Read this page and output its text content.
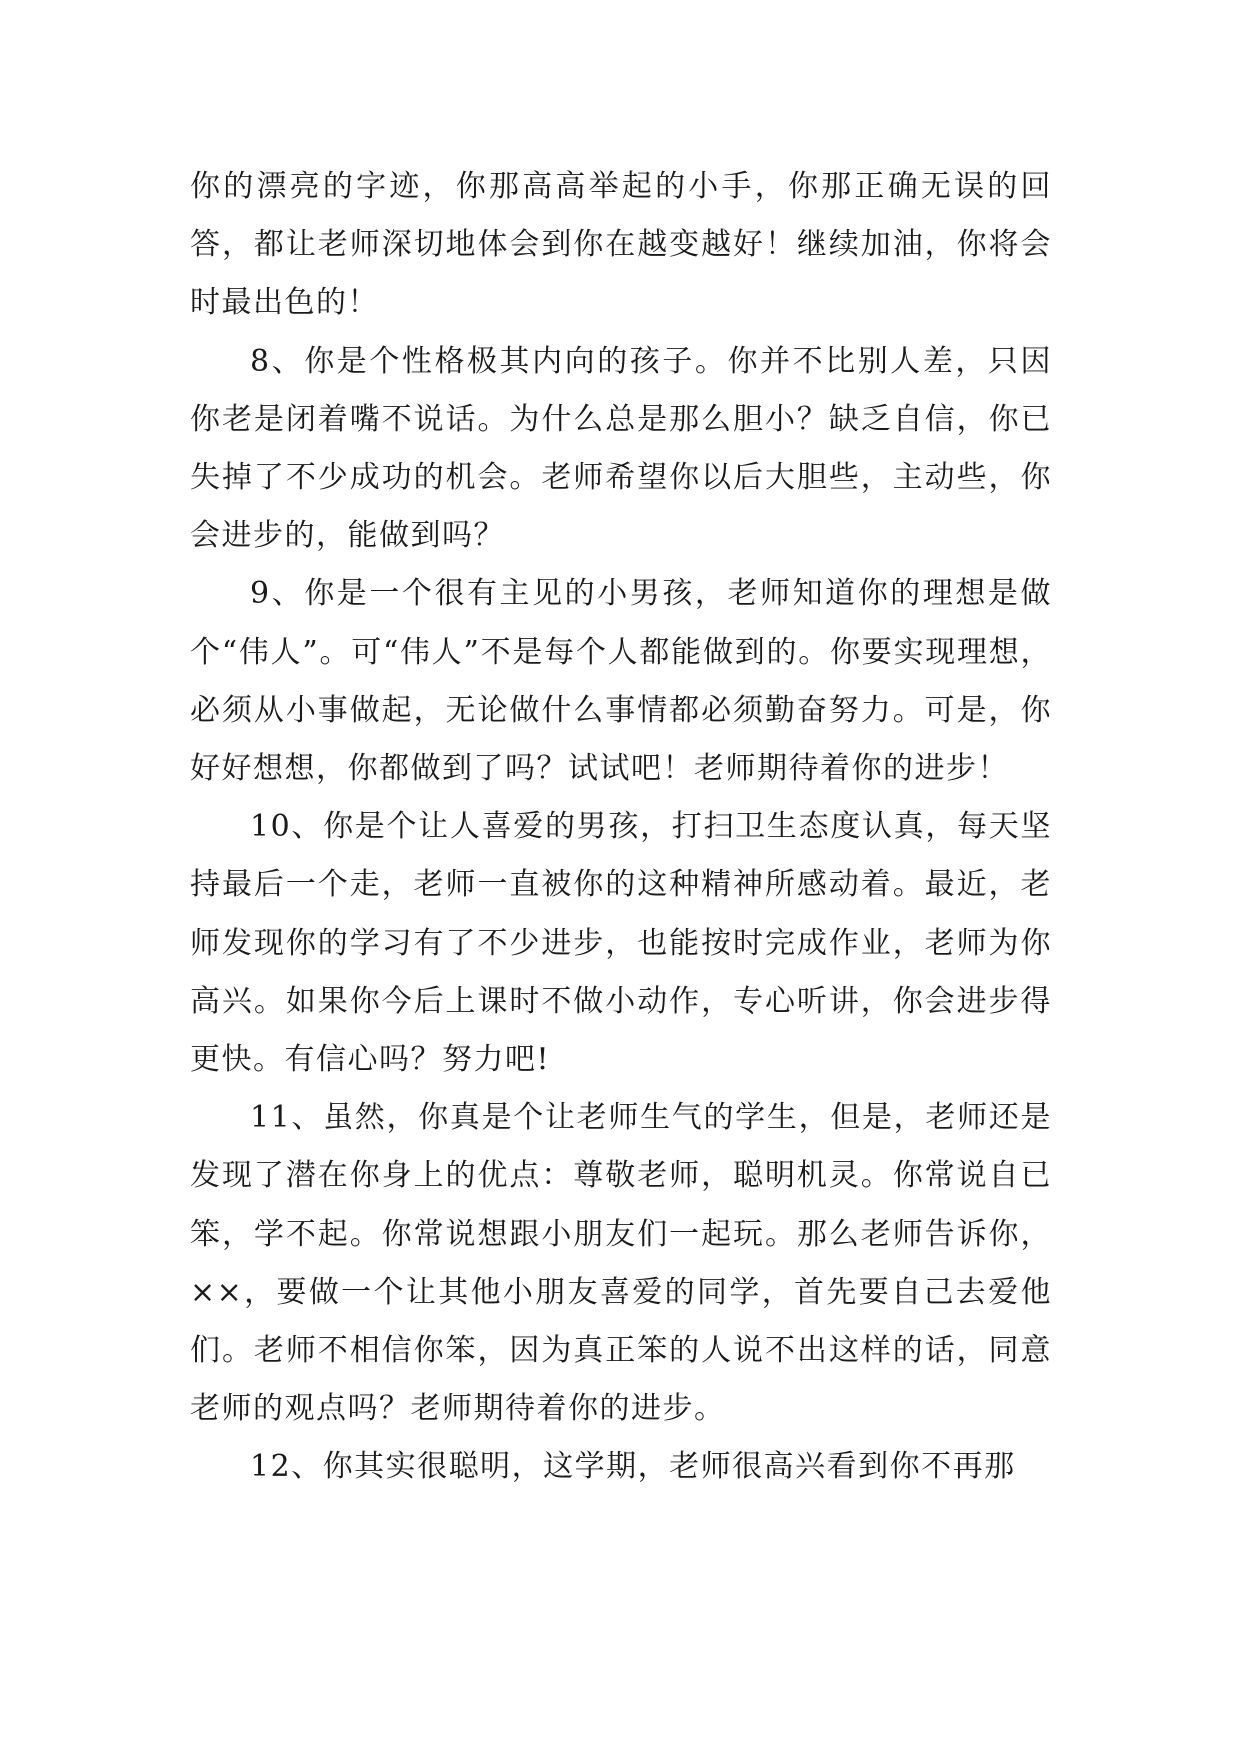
你的漂亮的字迹，你那高高举起的小手，你那正确无误的回答，都让老师深切地体会到你在越变越好！继续加油，你将会时最出色的！

8、你是个性格极其内向的孩子。你并不比别人差，只因你老是闭着嘴不说话。为什么总是那么胆小？缺乏自信，你已失掉了不少成功的机会。老师希望你以后大胆些，主动些，你会进步的，能做到吗？

9、你是一个很有主见的小男孩，老师知道你的理想是做个“伟人”。可“伟人”不是每个人都能做到的。你要实现理想，必须从小事做起，无论做什么事情都必须勤奋努力。可是，你好好想想，你都做到了吗？试试吧！老师期待着你的进步！

10、你是个让人喜爱的男孩，打扫卫生态度认真，每天坚持最后一个走，老师一直被你的这种精神所感动着。最近，老师发现你的学习有了不少进步，也能按时完成作业，老师为你高兴。如果你今后上课时不做小动作，专心听讲，你会进步得更快。有信心吗？努力吧!

11、虽然，你真是个让老师生气的学生，但是，老师还是发现了潜在你身上的优点：尊敬老师，聪明机灵。你常说自已笨，学不起。你常说想跟小朋友们一起玩。那么老师告诉你，××，要做一个让其他小朋友喜爱的同学，首先要自己去爱他们。老师不相信你笨，因为真正笨的人说不出这样的话，同意老师的观点吗？老师期待着你的进步。

12、你其实很聪明，这学期，老师很高兴看到你不再那
